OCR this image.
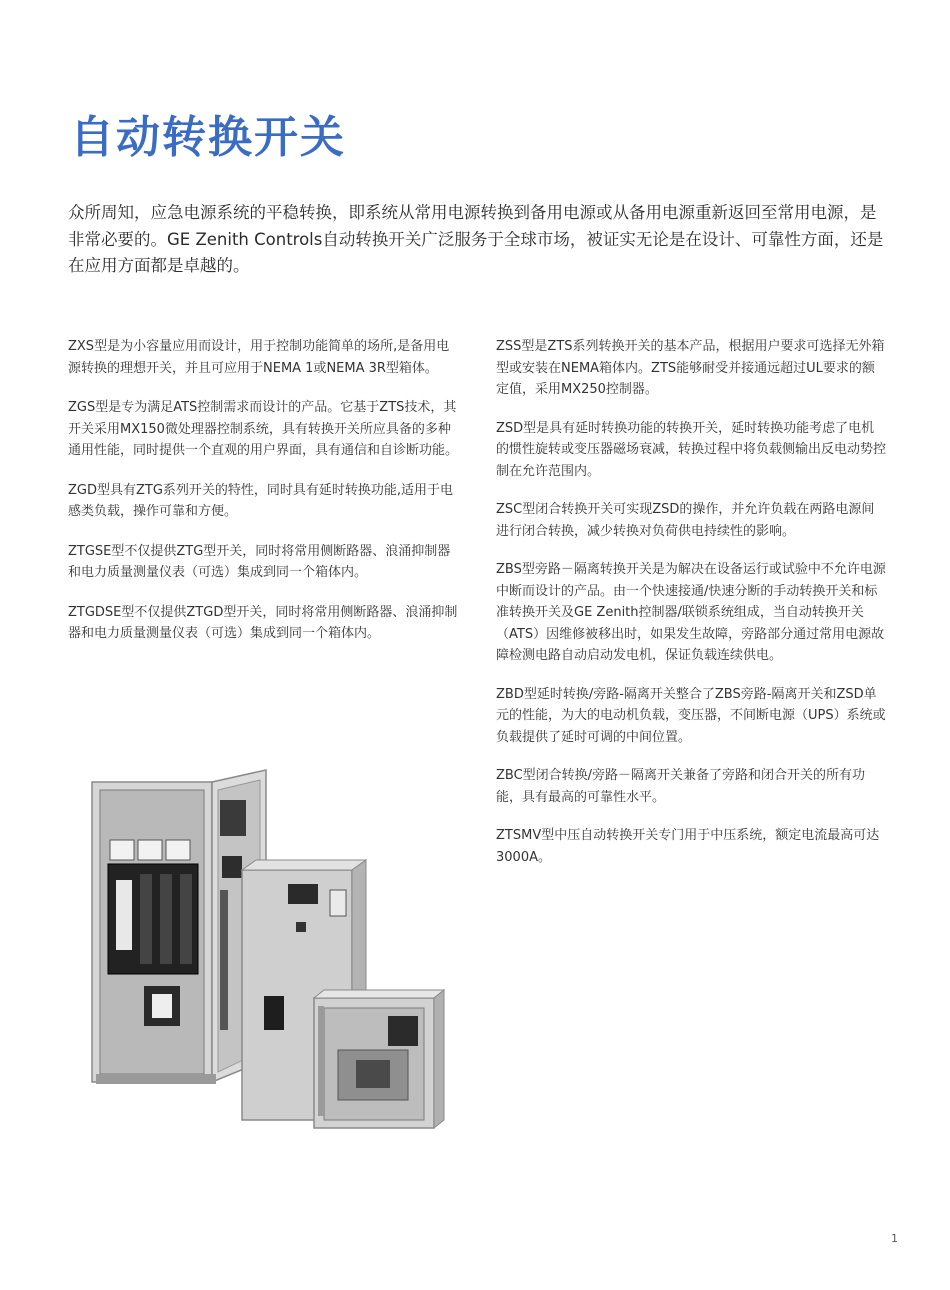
自动转换开关

众所周知，应急电源系统的平稳转换，即系统从常用电源转换到备用电源或从备用电源重新返回至常用电源，是非常必要的。GE Zenith Controls自动转换开关广泛服务于全球市场，被证实无论是在设计、可靠性方面，还是在应用方面都是卓越的。

ZXS型是为小容量应用而设计，用于控制功能简单的场所,是备用电源转换的理想开关，并且可应用于NEMA 1或NEMA 3R型箱体。

ZGS型是专为满足ATS控制需求而设计的产品。它基于ZTS技术，其开关采用MX150微处理器控制系统，具有转换开关所应具备的多种通用性能，同时提供一个直观的用户界面，具有通信和自诊断功能。

ZGD型具有ZTG系列开关的特性，同时具有延时转换功能,适用于电感类负载，操作可靠和方便。

ZTGSE型不仅提供ZTG型开关，同时将常用侧断路器、浪涌抑制器和电力质量测量仪表（可选）集成到同一个箱体内。

ZTGDSE型不仅提供ZTGD型开关，同时将常用侧断路器、浪涌抑制器和电力质量测量仪表（可选）集成到同一个箱体内。

ZSS型是ZTS系列转换开关的基本产品，根据用户要求可选择无外箱型或安装在NEMA箱体内。ZTS能够耐受并接通远超过UL要求的额定值，采用MX250控制器。

ZSD型是具有延时转换功能的转换开关，延时转换功能考虑了电机的惯性旋转或变压器磁场衰减，转换过程中将负载侧输出反电动势控制在允许范围内。

ZSC型闭合转换开关可实现ZSD的操作，并允许负载在两路电源间进行闭合转换，减少转换对负荷供电持续性的影响。

ZBS型旁路－隔离转换开关是为解决在设备运行或试验中不允许电源中断而设计的产品。由一个快速接通/快速分断的手动转换开关和标准转换开关及GE Zenith控制器/联锁系统组成，当自动转换开关（ATS）因维修被移出时，如果发生故障，旁路部分通过常用电源故障检测电路自动启动发电机，保证负载连续供电。

ZBD型延时转换/旁路-隔离开关整合了ZBS旁路-隔离开关和ZSD单元的性能，为大的电动机负载，变压器，不间断电源（UPS）系统或负载提供了延时可调的中间位置。

ZBC型闭合转换/旁路－隔离开关兼备了旁路和闭合开关的所有功能，具有最高的可靠性水平。

ZTSMV型中压自动转换开关专门用于中压系统，额定电流最高可达3000A。

1
